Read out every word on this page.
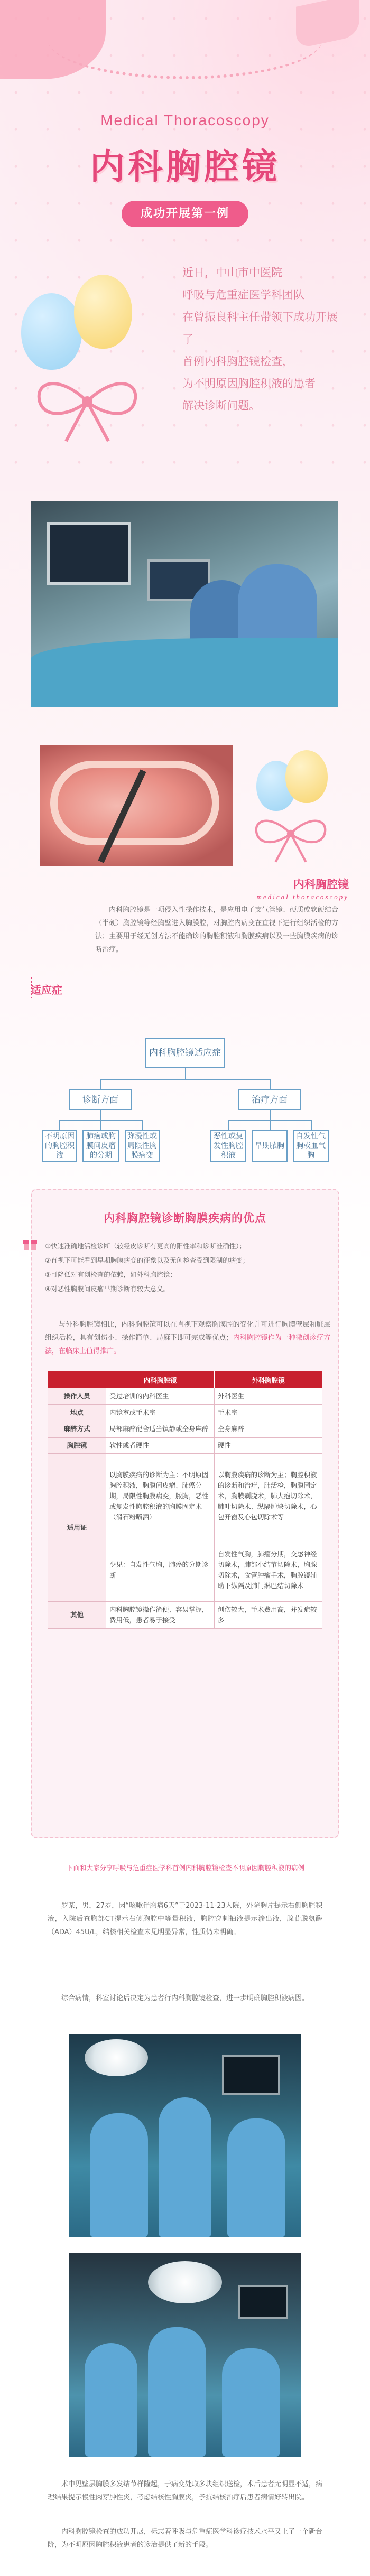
Medical Thoracoscopy
内科胸腔镜
成功开展第一例
近日，中山市中医院
呼吸与危重症医学科团队
在曾振良科主任带领下成功开展了
首例内科胸腔镜检查，
为不明原因胸腔积液的患者
解决诊断问题。
内科胸腔镜
medical thoracoscopy
内科胸腔镜是一项侵入性操作技术，是应用电子支气管镜、硬质或软硬结合（半硬）胸腔镜等经胸壁进入胸膜腔，对胸腔内病变在直视下进行组织活检的方法；主要用于经无创方法不能确诊的胸腔积液和胸膜疾病以及一些胸膜疾病的诊断治疗。
适应症
内科胸腔镜适应症
诊断方面	治疗方面
不明原因的胸腔积液
肺癌或胸膜间皮瘤的分期
弥漫性或局限性胸膜病变
恶性或复发性胸腔积液
早期脓胸
自发性气胸或血气胸
内科胸腔镜诊断胸膜疾病的优点
①快速准确地活检诊断（较经皮诊断有更高的阳性率和诊断准确性）；
②直视下可能看到早期胸膜病变的征象以及无创检查受到限制的病变；
③可降低对有创检查的依赖，如外科胸腔镜；
④对恶性胸膜间皮瘤早期诊断有较大意义。
与外科胸腔镜相比，内科胸腔镜可以在直视下观察胸膜腔的变化并可进行胸膜壁层和脏层组织活检，具有创伤小、操作简单、局麻下即可完成等优点；内科胸腔镜作为一种微创诊疗方法，在临床上值得推广。
	内科胸腔镜	外科胸腔镜
操作人员	受过培训的内科医生	外科医生
地点	内镜室或手术室	手术室
麻醉方式	局部麻醉配合适当镇静或全身麻醉	全身麻醉
胸腔镜	软性或者硬性	硬性
适用证	以胸膜疾病的诊断为主：不明原因胸腔积液，胸膜间皮瘤、肺癌分期，局限性胸膜病变，脓胸，恶性或复发性胸腔积液的胸膜固定术（滑石粉喷洒）	以胸膜疾病的诊断为主；胸腔积液的诊断和治疗，肺活检，胸膜固定术，胸膜剥脱术，肺大疱切除术，肺叶切除术、纵隔肿块切除术，心包开窗及心包切除术等
	少见：自发性气胸，肺癌的分期诊断	自发性气胸，肺癌分期，交感神经切除术，肺部小结节切除术，胸腺切除术，食管肿瘤手术，胸腔镜辅助下纵隔及肺门淋巴结切除术
其他	内科胸腔镜操作简便、容易掌握，费用低，患者易于接受	创伤较大，手术费用高，并发症较多
下面和大家分享呼吸与危重症医学科首例内科胸腔镜检查不明原因胸腔积液的病例
罗某，男，27岁，因“咳嗽伴胸痛6天”于2023-11-23入院，外院胸片提示右侧胸腔积液，入院后查胸部CT提示右侧胸腔中等量积液，胸腔穿刺抽液提示渗出液，腺苷脱氨酶（ADA）45U/L，结核相关检查未见明显异常，性质仍未明确。
综合病情，科室讨论后决定为患者行内科胸腔镜检查，进一步明确胸腔积液病因。
术中见壁层胸膜多发结节样隆起，于病变处取多块组织送检，术后患者无明显不适，病理结果提示慢性肉芽肿性炎，考虑结核性胸膜炎，予抗结核治疗后患者病情好转出院。
内科胸腔镜检查的成功开展，标志着呼吸与危重症医学科诊疗技术水平又上了一个新台阶，为不明原因胸腔积液患者的诊治提供了新的手段。
